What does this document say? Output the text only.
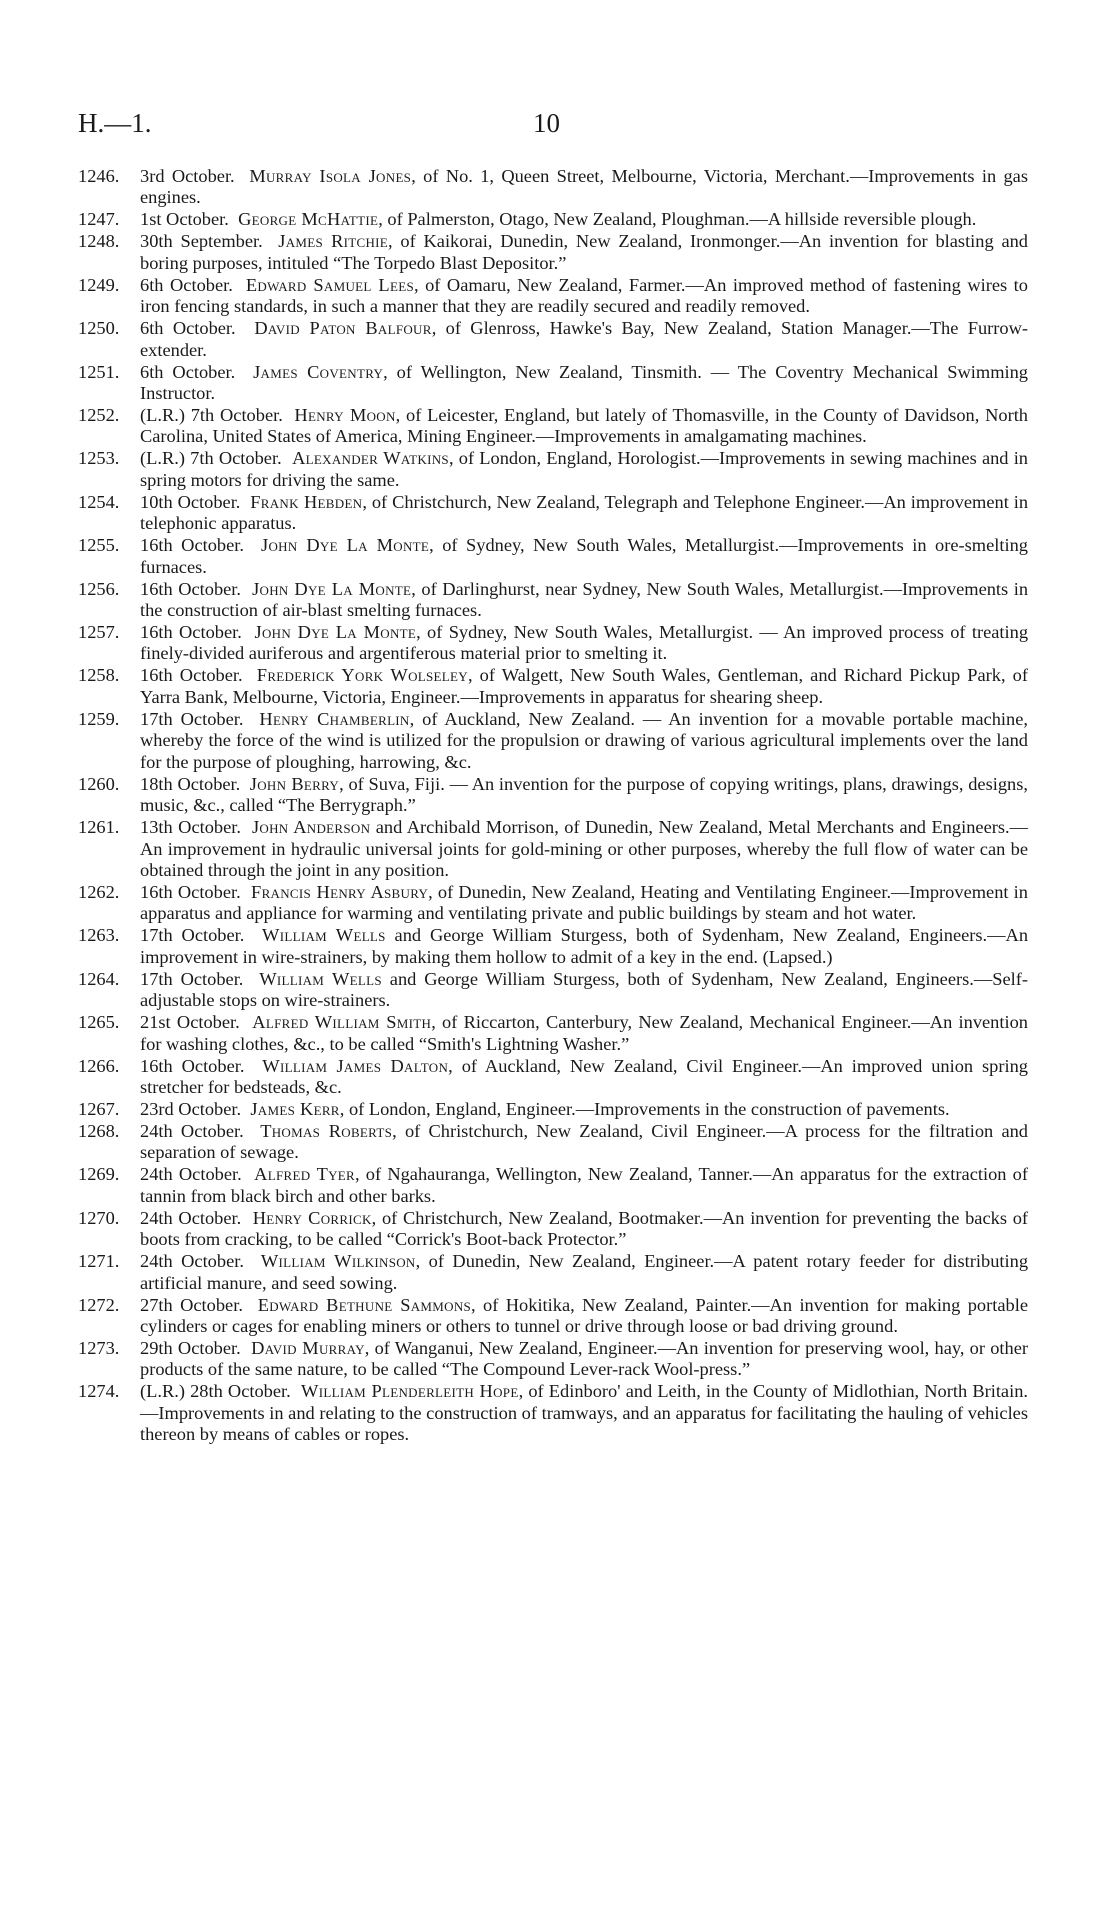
H.—1.	10
1246.	3rd October. Murray Isola Jones, of No. 1, Queen Street, Melbourne, Victoria, Merchant.—Improvements in gas engines.
1247.	1st October. George McHattie, of Palmerston, Otago, New Zealand, Ploughman.—A hillside reversible plough.
1248.	30th September. James Ritchie, of Kaikorai, Dunedin, New Zealand, Ironmonger.—An invention for blasting and boring purposes, intituled “The Torpedo Blast Depositor.”
1249.	6th October. Edward Samuel Lees, of Oamaru, New Zealand, Farmer.—An improved method of fastening wires to iron fencing standards, in such a manner that they are readily secured and readily removed.
1250.	6th October. David Paton Balfour, of Glenross, Hawke's Bay, New Zealand, Station Manager.—The Furrow-extender.
1251.	6th October. James Coventry, of Wellington, New Zealand, Tinsmith. — The Coventry Mechanical Swimming Instructor.
1252.	(L.R.) 7th October. Henry Moon, of Leicester, England, but lately of Thomasville, in the County of Davidson, North Carolina, United States of America, Mining Engineer.—Improvements in amalgamating machines.
1253.	(L.R.) 7th October. Alexander Watkins, of London, England, Horologist.—Improvements in sewing machines and in spring motors for driving the same.
1254.	10th October. Frank Hebden, of Christchurch, New Zealand, Telegraph and Telephone Engineer.—An improvement in telephonic apparatus.
1255.	16th October. John Dye La Monte, of Sydney, New South Wales, Metallurgist.—Improvements in ore-smelting furnaces.
1256.	16th October. John Dye La Monte, of Darlinghurst, near Sydney, New South Wales, Metallurgist.—Improvements in the construction of air-blast smelting furnaces.
1257.	16th October. John Dye La Monte, of Sydney, New South Wales, Metallurgist. — An improved process of treating finely-divided auriferous and argentiferous material prior to smelting it.
1258.	16th October. Frederick York Wolseley, of Walgett, New South Wales, Gentleman, and Richard Pickup Park, of Yarra Bank, Melbourne, Victoria, Engineer.—Improvements in apparatus for shearing sheep.
1259.	17th October. Henry Chamberlin, of Auckland, New Zealand. — An invention for a movable portable machine, whereby the force of the wind is utilized for the propulsion or drawing of various agricultural implements over the land for the purpose of ploughing, harrowing, &c.
1260.	18th October. John Berry, of Suva, Fiji. — An invention for the purpose of copying writings, plans, drawings, designs, music, &c., called “The Berrygraph.”
1261.	13th October. John Anderson and Archibald Morrison, of Dunedin, New Zealand, Metal Merchants and Engineers.—An improvement in hydraulic universal joints for gold-mining or other purposes, whereby the full flow of water can be obtained through the joint in any position.
1262.	16th October. Francis Henry Asbury, of Dunedin, New Zealand, Heating and Ventilating Engineer.—Improvement in apparatus and appliance for warming and ventilating private and public buildings by steam and hot water.
1263.	17th October. William Wells and George William Sturgess, both of Sydenham, New Zealand, Engineers.—An improvement in wire-strainers, by making them hollow to admit of a key in the end. (Lapsed.)
1264.	17th October. William Wells and George William Sturgess, both of Sydenham, New Zealand, Engineers.—Self-adjustable stops on wire-strainers.
1265.	21st October. Alfred William Smith, of Riccarton, Canterbury, New Zealand, Mechanical Engineer.—An invention for washing clothes, &c., to be called “Smith's Lightning Washer.”
1266.	16th October. William James Dalton, of Auckland, New Zealand, Civil Engineer.—An improved union spring stretcher for bedsteads, &c.
1267.	23rd October. James Kerr, of London, England, Engineer.—Improvements in the construction of pavements.
1268.	24th October. Thomas Roberts, of Christchurch, New Zealand, Civil Engineer.—A process for the filtration and separation of sewage.
1269.	24th October. Alfred Tyer, of Ngahauranga, Wellington, New Zealand, Tanner.—An apparatus for the extraction of tannin from black birch and other barks.
1270.	24th October. Henry Corrick, of Christchurch, New Zealand, Bootmaker.—An invention for preventing the backs of boots from cracking, to be called “Corrick's Boot-back Protector.”
1271.	24th October. William Wilkinson, of Dunedin, New Zealand, Engineer.—A patent rotary feeder for distributing artificial manure, and seed sowing.
1272.	27th October. Edward Bethune Sammons, of Hokitika, New Zealand, Painter.—An invention for making portable cylinders or cages for enabling miners or others to tunnel or drive through loose or bad driving ground.
1273.	29th October. David Murray, of Wanganui, New Zealand, Engineer.—An invention for preserving wool, hay, or other products of the same nature, to be called “The Compound Lever-rack Wool-press.”
1274.	(L.R.) 28th October. William Plenderleith Hope, of Edinboro' and Leith, in the County of Midlothian, North Britain.—Improvements in and relating to the construction of tramways, and an apparatus for facilitating the hauling of vehicles thereon by means of cables or ropes.
